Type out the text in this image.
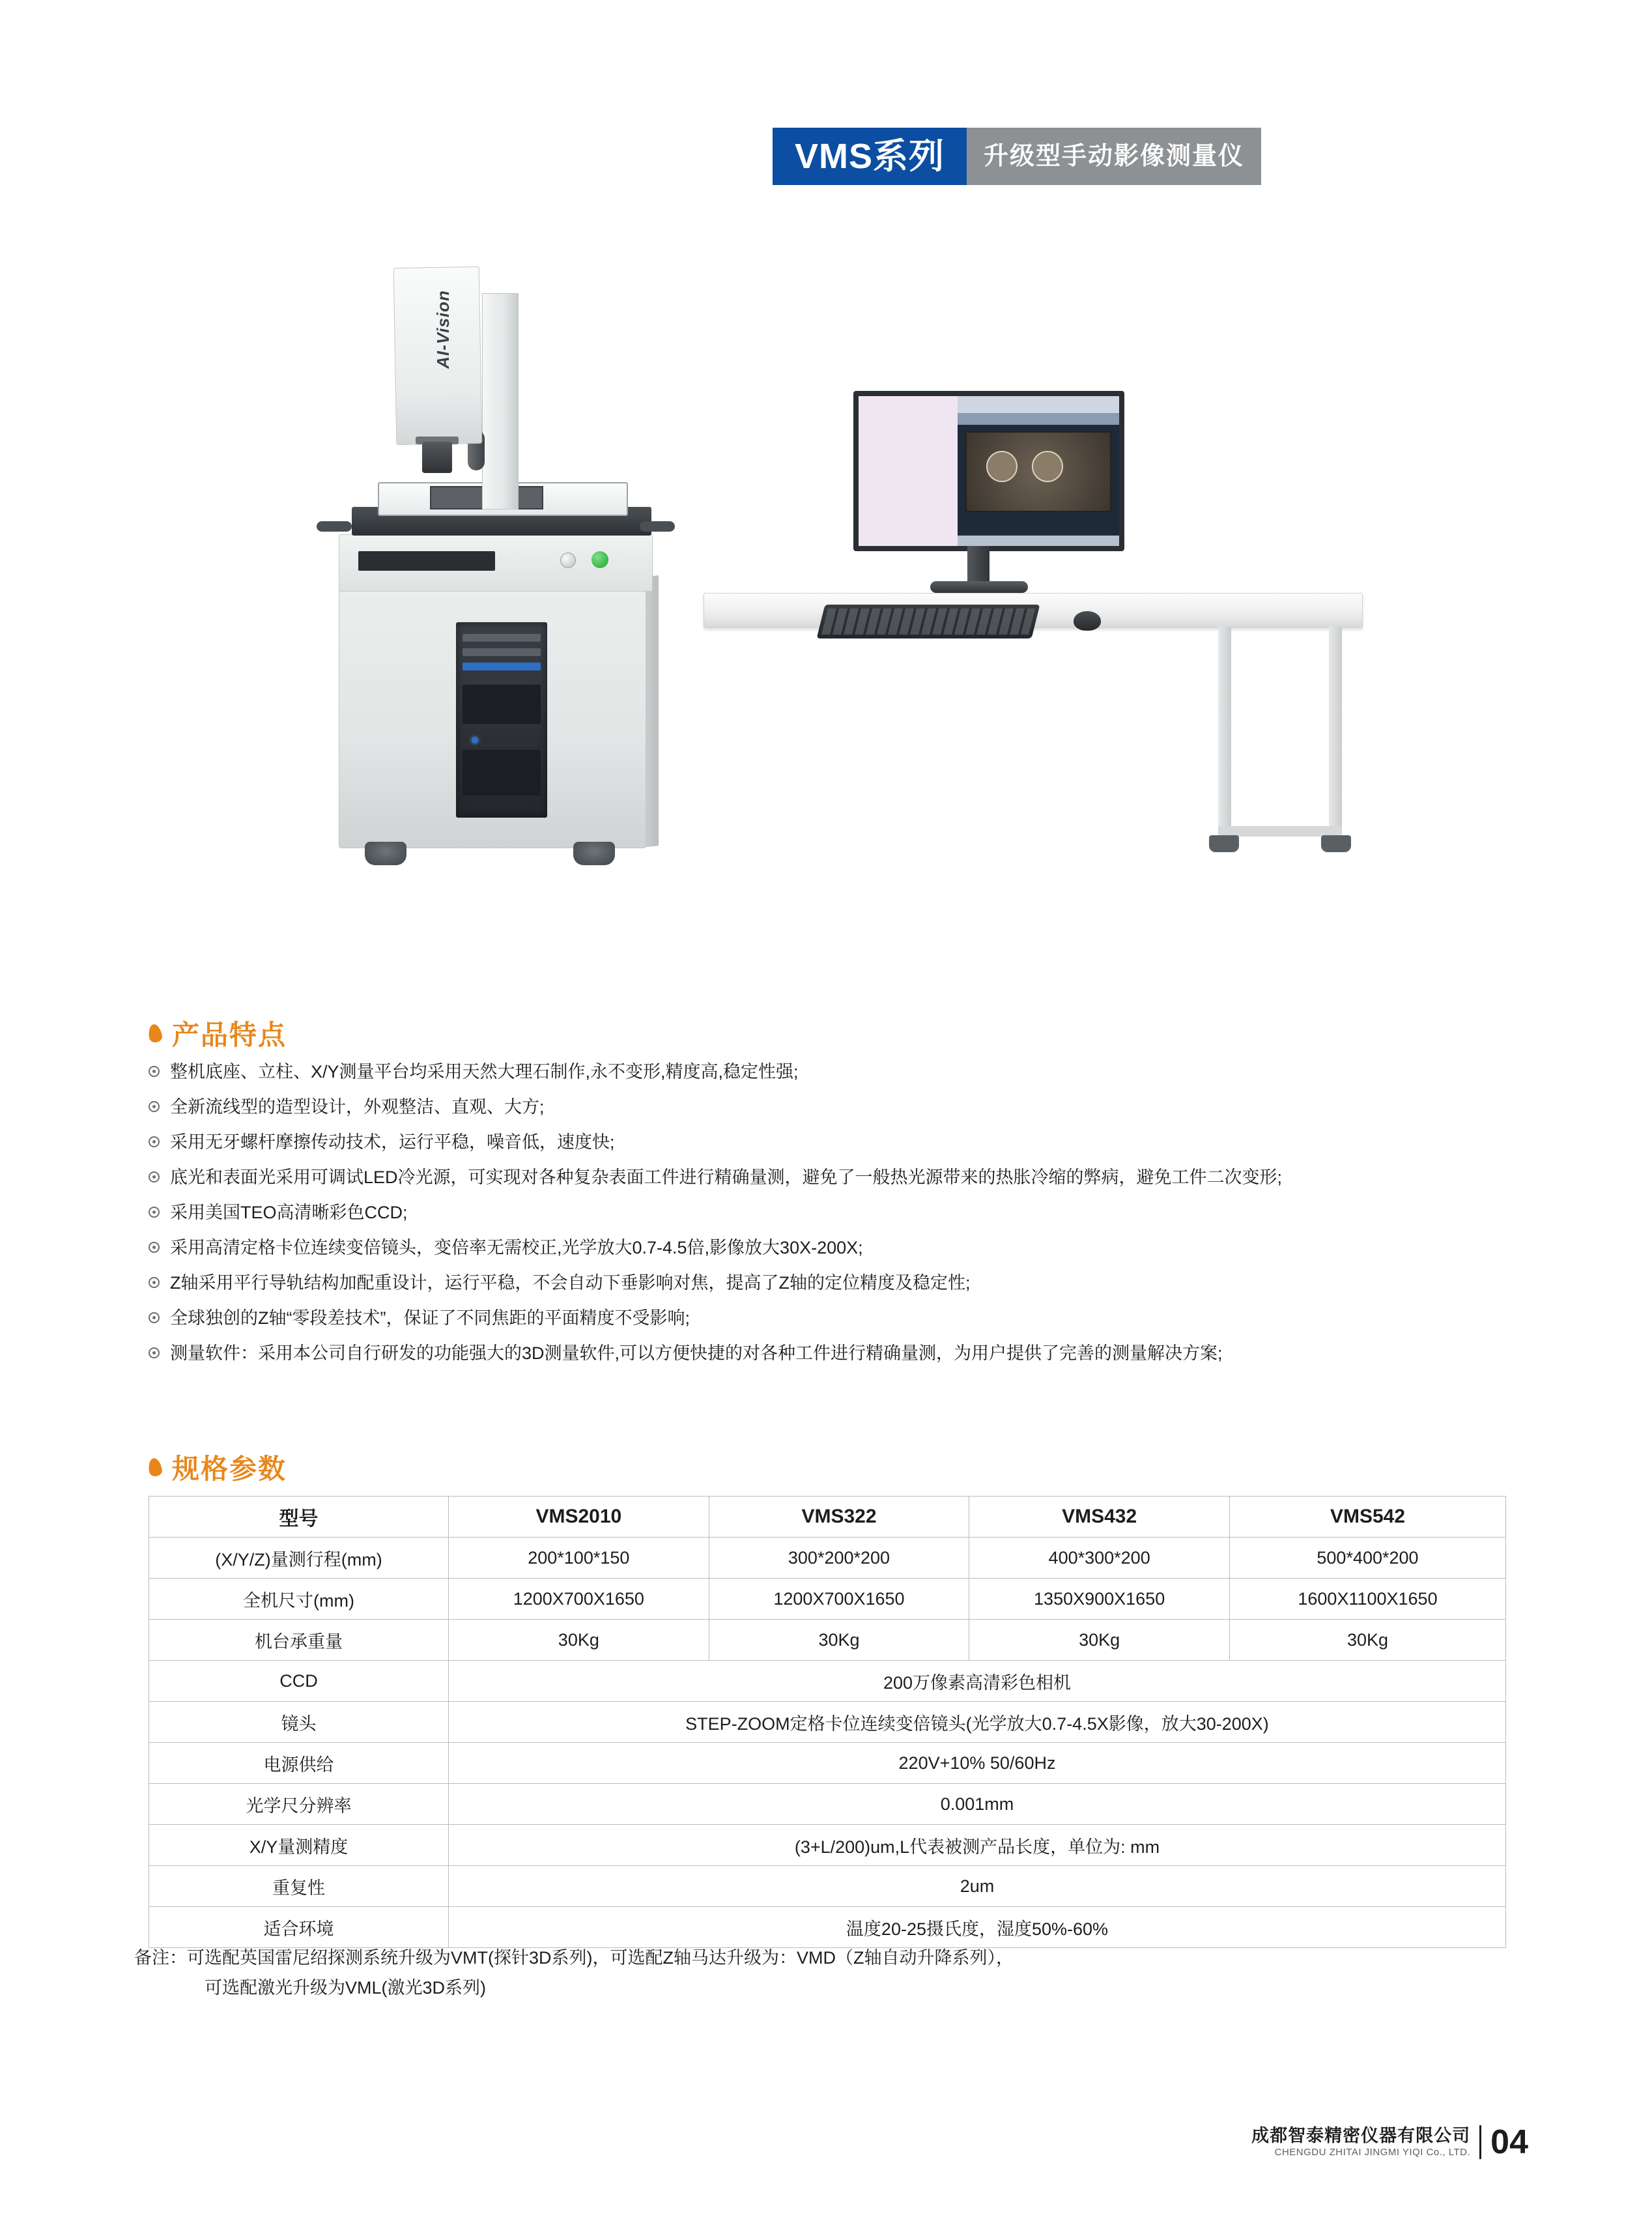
VMS系列	升级型手动影像测量仪
AI-Vision
产品特点
整机底座、立柱、X/Y测量平台均采用天然大理石制作,永不变形,精度高,稳定性强;
全新流线型的造型设计，外观整洁、直观、大方;
采用无牙螺杆摩擦传动技术，运行平稳，噪音低，速度快;
底光和表面光采用可调试LED冷光源，可实现对各种复杂表面工件进行精确量测，避免了一般热光源带来的热胀冷缩的弊病，避免工件二次变形;
采用美国TEO高清晰彩色CCD;
采用高清定格卡位连续变倍镜头，变倍率无需校正,光学放大0.7-4.5倍,影像放大30X-200X;
Z轴采用平行导轨结构加配重设计，运行平稳，不会自动下垂影响对焦，提高了Z轴的定位精度及稳定性;
全球独创的Z轴“零段差技术”，保证了不同焦距的平面精度不受影响;
测量软件：采用本公司自行研发的功能强大的3D测量软件,可以方便快捷的对各种工件进行精确量测，为用户提供了完善的测量解决方案;
规格参数
型号	VMS2010	VMS322	VMS432	VMS542
(X/Y/Z)量测行程(mm)	200*100*150	300*200*200	400*300*200	500*400*200
全机尺寸(mm)	1200X700X1650	1200X700X1650	1350X900X1650	1600X1100X1650
机台承重量	30Kg	30Kg	30Kg	30Kg
CCD	200万像素高清彩色相机			
镜头	STEP-ZOOM定格卡位连续变倍镜头(光学放大0.7-4.5X影像，放大30-200X)			
电源供给	220V+10% 50/60Hz			
光学尺分辨率	0.001mm			
X/Y量测精度	(3+L/200)um,L代表被测产品长度，单位为: mm			
重复性	2um			
适合环境	温度20-25摄氏度，湿度50%-60%			
备注：可选配英国雷尼绍探测系统升级为VMT(探针3D系列)，可选配Z轴马达升级为：VMD（Z轴自动升降系列），
可选配激光升级为VML(激光3D系列)
成都智泰精密仪器有限公司
CHENGDU ZHITAI JINGMI YIQI Co., LTD. 04
